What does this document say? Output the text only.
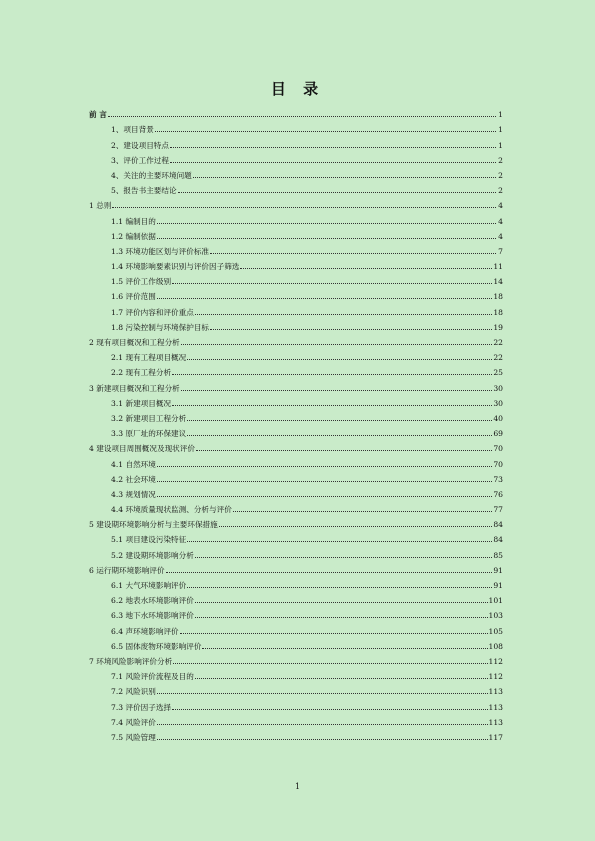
目 录
前 言	1
1、项目背景	1
2、建设项目特点	1
3、评价工作过程	2
4、关注的主要环境问题	2
5、报告书主要结论	2
1 总则	4
1.1 编制目的	4
1.2 编制依据	4
1.3 环境功能区划与评价标准	7
1.4 环境影响要素识别与评价因子筛选	11
1.5 评价工作级别	14
1.6 评价范围	18
1.7 评价内容和评价重点	18
1.8 污染控制与环境保护目标	19
2 现有项目概况和工程分析	22
2.1 现有工程项目概况	22
2.2 现有工程分析	25
3 新建项目概况和工程分析	30
3.1 新建项目概况	30
3.2 新建项目工程分析	40
3.3 原厂址的环保建议	69
4 建设项目周围概况及现状评价	70
4.1 自然环境	70
4.2 社会环境	73
4.3 规划情况	76
4.4 环境质量现状监测、分析与评价	77
5 建设期环境影响分析与主要环保措施	84
5.1 项目建设污染特征	84
5.2 建设期环境影响分析	85
6 运行期环境影响评价	91
6.1 大气环境影响评价	91
6.2 地表水环境影响评价	101
6.3 地下水环境影响评价	103
6.4 声环境影响评价	105
6.5 固体废物环境影响评价	108
7 环境风险影响评价分析	112
7.1 风险评价流程及目的	112
7.2 风险识别	113
7.3 评价因子选择	113
7.4 风险评价	113
7.5 风险管理	117
1
